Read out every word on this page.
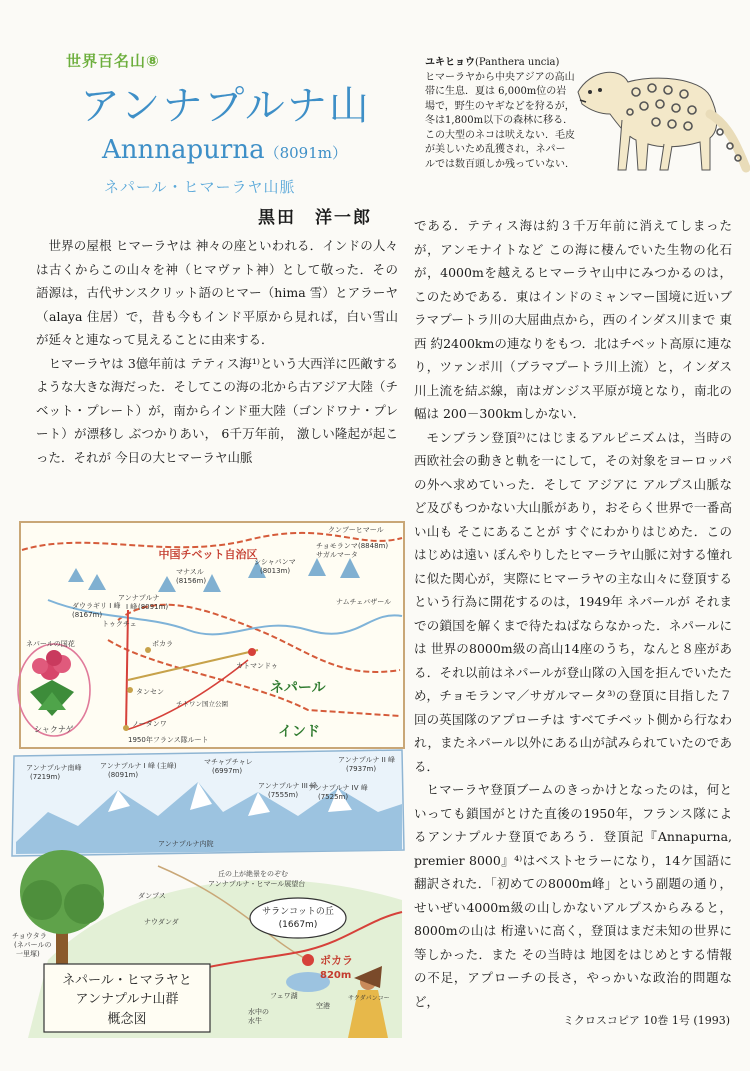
世界百名山⑧
アンナプルナ山
Annnapurna（8091m）
ネパール・ヒマーラヤ山脈
黒田　洋一郎
ユキヒョウ(Panthera uncia)
ヒマーラヤから中央アジアの高山帯に生息．夏は 6,000m位の岩場で，野生のヤギなどを狩るが，冬は1,800m以下の森林に移る．この大型のネコは吠えない．毛皮が美しいため乱獲され，ネパールでは数百頭しか残っていない．

世界の屋根 ヒマーラヤは 神々の座といわれる．インドの人々は古くからこの山々を神（ヒマヴァト神）として敬った．その語源は，古代サンスクリット語のヒマー（hima 雪）とアラーヤ（alaya 住居）で，昔も今もインド平原から見れば，白い雪山が延々と連なって見えることに由来する．

ヒマーラヤは 3億年前は テティス海¹⁾という大西洋に匹敵するような大きな海だった．そしてこの海の北から古アジア大陸（チベット・プレート）が，南からインド亜大陸（ゴンドワナ・プレート）が漂移し ぶつかりあい， 6千万年前， 激しい隆起が起こった．それが 今日の大ヒマーラヤ山脈

である．テティス海は約３千万年前に消えてしまったが，アンモナイトなど この海に棲んでいた生物の化石が，4000mを越えるヒマーラヤ山中にみつかるのは，このためである．東はインドのミャンマー国境に近いブラマプートラ川の大屈曲点から，西のインダス川まで 東西 約2400kmの連なりをもつ．北はチベット高原に連なり，ツァンポ川（ブラマプートラ川上流）と，インダス川上流を結ぶ線，南はガンジス平原が境となり，南北の幅は 200－300kmしかない．

モンブラン登頂²⁾にはじまるアルピニズムは，当時の西欧社会の動きと軌を一にして，その対象をヨーロッパの外へ求めていった．そして アジアに アルプス山脈など及びもつかない大山脈があり，おそらく世界で一番高い山も そこにあることが すぐにわかりはじめた．この はじめは遠い ぼんやりしたヒマーラヤ山脈に対する憧れに似た関心が，実際にヒマーラヤの主な山々に登頂するという行為に開花するのは，1949年 ネパールが それまでの鎖国を解くまで待たねばならなかった．ネパールには 世界の8000m級の高山14座のうち，なんと８座がある．それ以前はネパールが登山隊の入国を拒んでいたため，チョモランマ／サガルマータ³⁾の登頂に目指した７回の英国隊のアプローチは すべてチベット側から行なわれ，またネパール以外にある山が試みられていたのである．

ヒマーラヤ登頂ブームのきっかけとなったのは，何といっても鎖国がとけた直後の1950年，フランス隊によるアンナプルナ登頂であろう．登頂記『Annapurna, premier 8000』⁴⁾はベストセラーになり，14ケ国語に翻訳された．「初めての8000m峰」という副題の通り，せいぜい4000m級の山しかないアルプスからみると，8000mの山は 桁違いに高く，登頂はまだ未知の世界に等しかった．また その当時は 地図をはじめとする情報の不足，アプローチの長さ，やっかいな政治的問題など，

中国チベット自治区
クンブーヒマール
ダウラギリ I 峰
(8167m)
アンナプルナ
I 峰 (8091m)
マナスル
(8156m)
シシャパンマ
(8013m)
チョモランマ
サガルマータ
(8848m)
トゥクチェ
ポカラ
カトマンドゥ
タンセン
ノータンワ
ナムチェバザール
チトワン国立公園
ネパール
インド
1950年フランス隊ルート
ネパールの国花
シャクナゲ
アンナプルナ南峰
(7219m)
アンナプルナ I 峰 (主峰)
(8091m)
マチャプチャレ
(6997m)
アンナプルナ III 峰
(7555m)
アンナプルナ IV 峰
(7525m)
アンナプルナ II 峰
(7937m)
アンナプルナ内院
丘の上が絶景をのぞむ
アンナプルナ・ヒマール展望台
サランコットの丘
(1667m)
ポカラ
820m
ダンプス
ナウダンダ
フェワ湖
空港
サクダパンコー
チョウタラ
(ネパールの
一里塚)
水中の
水牛
ネパール・ヒマラヤと
アンナプルナ山群
概念図	ミクロスコピア 10巻 1号 (1993)
